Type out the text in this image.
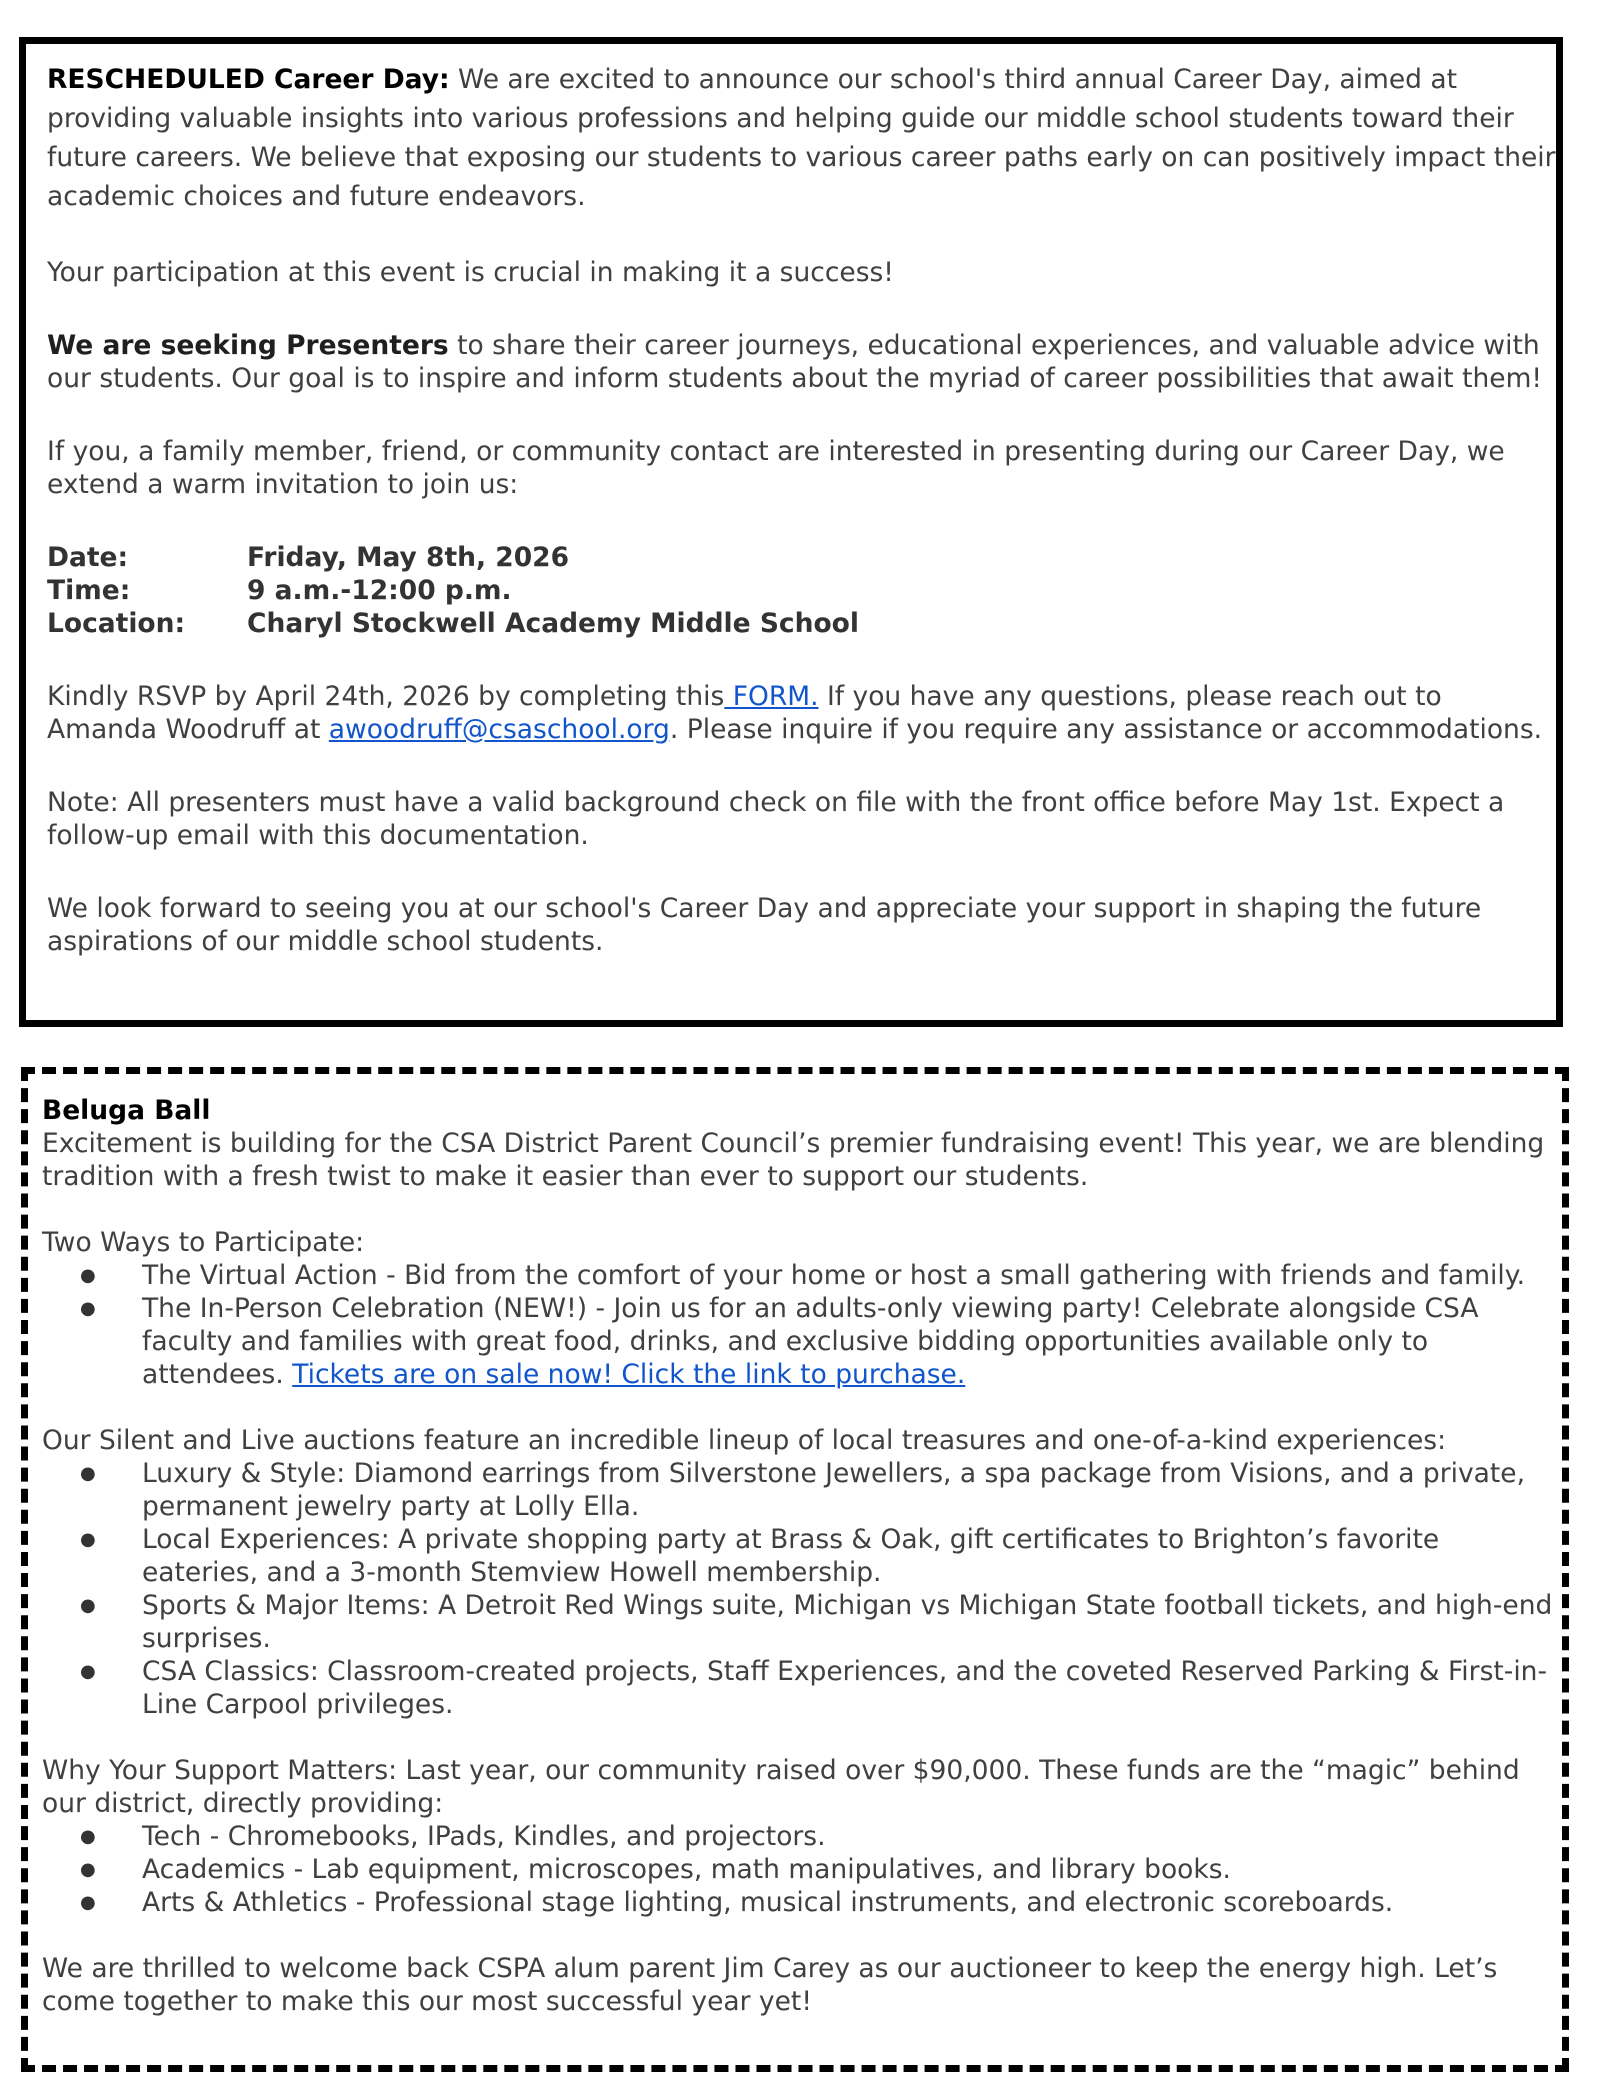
RESCHEDULED Career Day: We are excited to announce our school's third annual Career Day, aimed at providing valuable insights into various professions and helping guide our middle school students toward their future careers. We believe that exposing our students to various career paths early on can positively impact their academic choices and future endeavors.

Your participation at this event is crucial in making it a success!

We are seeking Presenters to share their career journeys, educational experiences, and valuable advice with our students. Our goal is to inspire and inform students about the myriad of career possibilities that await them!

If you, a family member, friend, or community contact are interested in presenting during our Career Day, we extend a warm invitation to join us:

Date:	Friday, May 8th, 2026
Time:	9 a.m.-12:00 p.m.
Location:	Charyl Stockwell Academy Middle School

Kindly RSVP by April 24th, 2026 by completing this FORM. If you have any questions, please reach out to Amanda Woodruff at awoodruff@csaschool.org. Please inquire if you require any assistance or accommodations.

Note: All presenters must have a valid background check on file with the front office before May 1st. Expect a follow-up email with this documentation.

We look forward to seeing you at our school's Career Day and appreciate your support in shaping the future aspirations of our middle school students.

Beluga Ball

Excitement is building for the CSA District Parent Council’s premier fundraising event! This year, we are blending tradition with a fresh twist to make it easier than ever to support our students.

Two Ways to Participate:

● The Virtual Action - Bid from the comfort of your home or host a small gathering with friends and family.
● The In-Person Celebration (NEW!) - Join us for an adults-only viewing party! Celebrate alongside CSA faculty and families with great food, drinks, and exclusive bidding opportunities available only to attendees. Tickets are on sale now! Click the link to purchase.

Our Silent and Live auctions feature an incredible lineup of local treasures and one-of-a-kind experiences:

● Luxury & Style: Diamond earrings from Silverstone Jewellers, a spa package from Visions, and a private, permanent jewelry party at Lolly Ella.
● Local Experiences: A private shopping party at Brass & Oak, gift certificates to Brighton’s favorite eateries, and a 3-month Stemview Howell membership.
● Sports & Major Items: A Detroit Red Wings suite, Michigan vs Michigan State football tickets, and high-end surprises.
● CSA Classics: Classroom-created projects, Staff Experiences, and the coveted Reserved Parking & First-in-Line Carpool privileges.

Why Your Support Matters: Last year, our community raised over $90,000. These funds are the “magic” behind our district, directly providing:

● Tech - Chromebooks, IPads, Kindles, and projectors.
● Academics - Lab equipment, microscopes, math manipulatives, and library books.
● Arts & Athletics - Professional stage lighting, musical instruments, and electronic scoreboards.

We are thrilled to welcome back CSPA alum parent Jim Carey as our auctioneer to keep the energy high. Let’s come together to make this our most successful year yet!
